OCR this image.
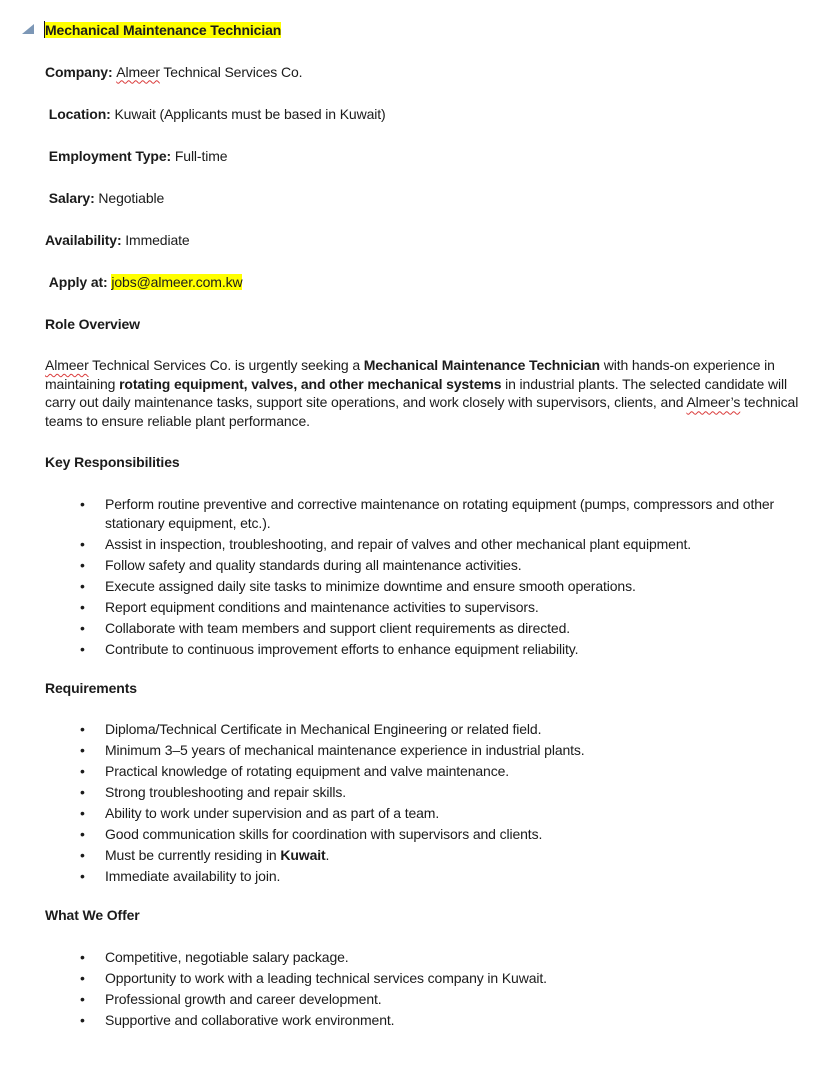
Mechanical Maintenance Technician

Company: Almeer Technical Services Co.

Location: Kuwait (Applicants must be based in Kuwait)

Employment Type: Full-time

Salary: Negotiable

Availability: Immediate

Apply at: jobs@almeer.com.kw

Role Overview

Almeer Technical Services Co. is urgently seeking a Mechanical Maintenance Technician with hands-on experience in maintaining rotating equipment, valves, and other mechanical systems in industrial plants. The selected candidate will carry out daily maintenance tasks, support site operations, and work closely with supervisors, clients, and Almeer’s technical teams to ensure reliable plant performance.

Key Responsibilities
• Perform routine preventive and corrective maintenance on rotating equipment (pumps, compressors and other stationary equipment, etc.).
• Assist in inspection, troubleshooting, and repair of valves and other mechanical plant equipment.
• Follow safety and quality standards during all maintenance activities.
• Execute assigned daily site tasks to minimize downtime and ensure smooth operations.
• Report equipment conditions and maintenance activities to supervisors.
• Collaborate with team members and support client requirements as directed.
• Contribute to continuous improvement efforts to enhance equipment reliability.
Requirements
• Diploma/Technical Certificate in Mechanical Engineering or related field.
• Minimum 3–5 years of mechanical maintenance experience in industrial plants.
• Practical knowledge of rotating equipment and valve maintenance.
• Strong troubleshooting and repair skills.
• Ability to work under supervision and as part of a team.
• Good communication skills for coordination with supervisors and clients.
• Must be currently residing in Kuwait.
• Immediate availability to join.
What We Offer
• Competitive, negotiable salary package.
• Opportunity to work with a leading technical services company in Kuwait.
• Professional growth and career development.
• Supportive and collaborative work environment.
